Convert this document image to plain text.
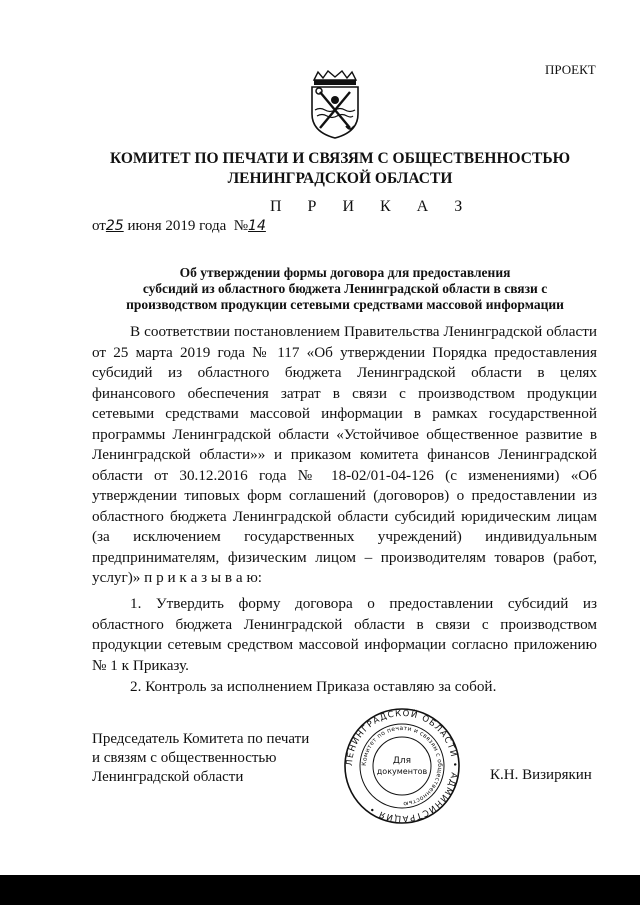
ПРОЕКТ
КОМИТЕТ ПО ПЕЧАТИ И СВЯЗЯМ С ОБЩЕСТВЕННОСТЬЮ
ЛЕНИНГРАДСКОЙ ОБЛАСТИ
П Р И К А З
от25 июня 2019 года  №14
Об утверждении формы договора для предоставления
субсидий из областного бюджета Ленинградской области в связи с
производством продукции сетевыми средствами массовой информации

В соответствии постановлением Правительства Ленинградской области от 25 марта 2019 года № 117 «Об утверждении Порядка предоставления субсидий из областного бюджета Ленинградской области в целях финансового обеспечения затрат в связи с производством продукции сетевыми средствами массовой информации в рамках государственной программы Ленинградской области «Устойчивое общественное развитие в Ленинградской области»» и приказом комитета финансов Ленинградской области от 30.12.2016 года № 18-02/01-04-126 (с изменениями) «Об утверждении типовых форм соглашений (договоров) о предоставлении из областного бюджета Ленинградской области субсидий юридическим лицам (за исключением государственных учреждений) индивидуальным предпринимателям, физическим лицом – производителям товаров (работ, услуг)» п р и к а з ы в а ю:

1. Утвердить форму договора о предоставлении субсидий из областного бюджета Ленинградской области в связи с производством продукции сетевым средством массовой информации согласно приложению № 1 к Приказу.

2. Контроль за исполнением Приказа оставляю за собой.
Председатель Комитета по печати
и связям с общественностью
Ленинградской области
ЛЕНИНГРАДСКОЙ ОБЛАСТИ • АДМИНИСТРАЦИЯ •
Комитет по печати и связям с общественностью
Для
документов	К.Н. Визирякин
